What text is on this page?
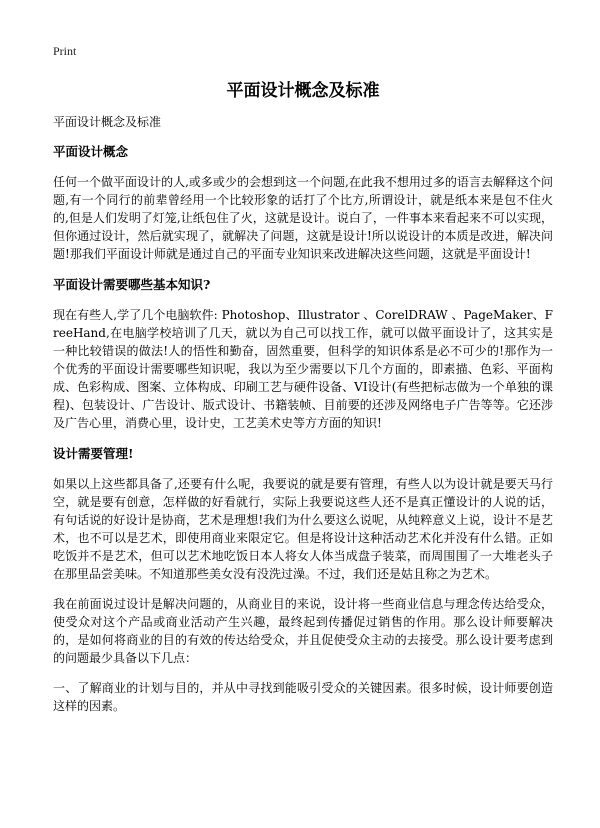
Print

平面设计概念及标准

平面设计概念及标准

平面设计概念

任何一个做平面设计的人,或多或少的会想到这一个问题,在此我不想用过多的语言去解释这个问题,有一个同行的前辈曾经用一个比较形象的话打了个比方,所谓设计，就是纸本来是包不住火的,但是人们发明了灯笼,让纸包住了火，这就是设计。说白了，一件事本来看起来不可以实现，但你通过设计，然后就实现了，就解决了问题，这就是设计!所以说设计的本质是改进，解决问题!那我们平面设计师就是通过自己的平面专业知识来改进解决这些问题，这就是平面设计!

平面设计需要哪些基本知识?

现在有些人,学了几个电脑软件: Photoshop、Illustrator 、CorelDRAW 、PageMaker、FreeHand,在电脑学校培训了几天，就以为自己可以找工作，就可以做平面设计了，这其实是一种比较错误的做法!人的悟性和勤奋，固然重要，但科学的知识体系是必不可少的!那作为一个优秀的平面设计需要哪些知识呢，我以为至少需要以下几个方面的，即素描、色彩、平面构成、色彩构成、图案、立体构成、印刷工艺与硬件设备、VI设计(有些把标志做为一个单独的课程)、包装设计、广告设计、版式设计、书籍装帧、目前要的还涉及网络电子广告等等。它还涉及广告心里，消费心里，设计史，工艺美术史等方方面的知识!

设计需要管理!

如果以上这些都具备了,还要有什么呢，我要说的就是要有管理，有些人以为设计就是要天马行空，就是要有创意，怎样做的好看就行，实际上我要说这些人还不是真正懂设计的人说的话，有句话说的好设计是协商，艺术是理想!我们为什么要这么说呢，从纯粹意义上说，设计不是艺术，也不可以是艺术，即使用商业来限定它。但是将设计这种活动艺术化并没有什么错。正如吃饭并不是艺术，但可以艺术地吃饭日本人将女人体当成盘子装菜，而周围围了一大堆老头子在那里品尝美味。不知道那些美女没有没洗过澡。不过，我们还是姑且称之为艺术。

我在前面说过设计是解决问题的，从商业目的来说，设计将一些商业信息与理念传达给受众，使受众对这个产品或商业活动产生兴趣，最终起到传播促过销售的作用。那么设计师要解决的，是如何将商业的目的有效的传达给受众，并且促使受众主动的去接受。那么设计要考虑到的问题最少具备以下几点：

一、了解商业的计划与目的，并从中寻找到能吸引受众的关键因素。很多时候，设计师要创造这样的因素。
